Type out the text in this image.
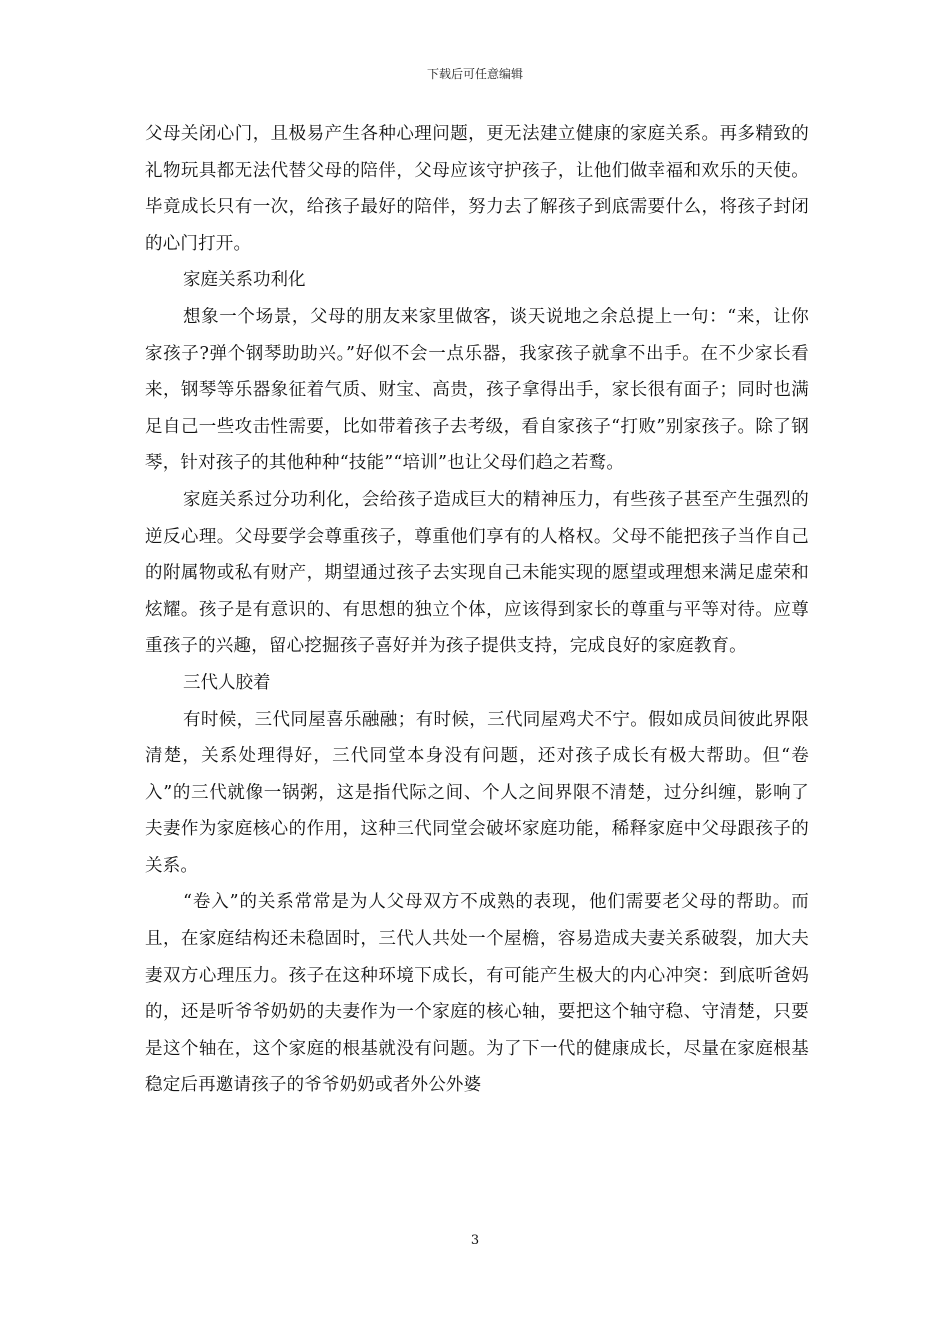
下载后可任意编辑

父母关闭心门，且极易产生各种心理问题，更无法建立健康的家庭关系。再多精致的礼物玩具都无法代替父母的陪伴，父母应该守护孩子，让他们做幸福和欢乐的天使。毕竟成长只有一次，给孩子最好的陪伴，努力去了解孩子到底需要什么，将孩子封闭的心门打开。

家庭关系功利化

想象一个场景，父母的朋友来家里做客，谈天说地之余总提上一句：“来，让你家孩子?弹个钢琴助助兴。”好似不会一点乐器，我家孩子就拿不出手。在不少家长看来，钢琴等乐器象征着气质、财宝、高贵，孩子拿得出手，家长很有面子；同时也满足自己一些攻击性需要，比如带着孩子去考级，看自家孩子“打败”别家孩子。除了钢琴，针对孩子的其他种种“技能”“培训”也让父母们趋之若鹜。

家庭关系过分功利化，会给孩子造成巨大的精神压力，有些孩子甚至产生强烈的逆反心理。父母要学会尊重孩子，尊重他们享有的人格权。父母不能把孩子当作自己的附属物或私有财产，期望通过孩子去实现自己未能实现的愿望或理想来满足虚荣和炫耀。孩子是有意识的、有思想的独立个体，应该得到家长的尊重与平等对待。应尊重孩子的兴趣，留心挖掘孩子喜好并为孩子提供支持，完成良好的家庭教育。

三代人胶着

有时候，三代同屋喜乐融融；有时候，三代同屋鸡犬不宁。假如成员间彼此界限清楚，关系处理得好，三代同堂本身没有问题，还对孩子成长有极大帮助。但“卷入”的三代就像一锅粥，这是指代际之间、个人之间界限不清楚，过分纠缠，影响了夫妻作为家庭核心的作用，这种三代同堂会破坏家庭功能，稀释家庭中父母跟孩子的关系。

“卷入”的关系常常是为人父母双方不成熟的表现，他们需要老父母的帮助。而且，在家庭结构还未稳固时，三代人共处一个屋檐，容易造成夫妻关系破裂，加大夫妻双方心理压力。孩子在这种环境下成长，有可能产生极大的内心冲突：到底听爸妈的，还是听爷爷奶奶的夫妻作为一个家庭的核心轴，要把这个轴守稳、守清楚，只要是这个轴在，这个家庭的根基就没有问题。为了下一代的健康成长，尽量在家庭根基稳定后再邀请孩子的爷爷奶奶或者外公外婆

3
